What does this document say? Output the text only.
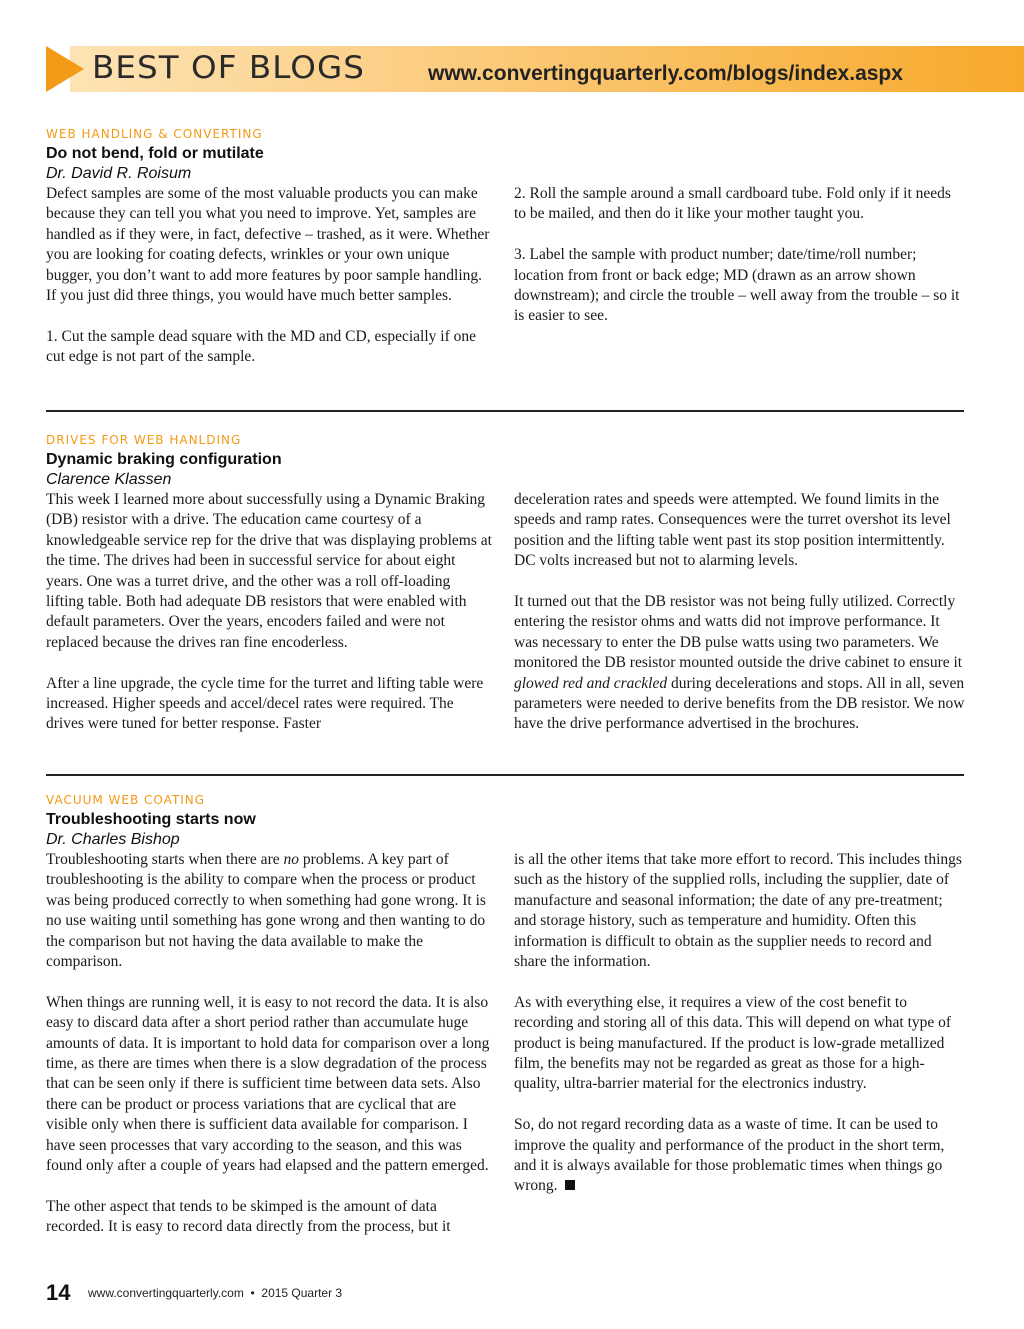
BEST OF BLOGS	www.convertingquarterly.com/blogs/index.aspx
WEB HANDLING & CONVERTING
Do not bend, fold or mutilate
Dr. David R. Roisum

Defect samples are some of the most valuable products you can make because they can tell you what you need to improve. Yet, samples are handled as if they were, in fact, defective – trashed, as it were. Whether you are looking for coating defects, wrinkles or your own unique bugger, you don’t want to add more features by poor sample handling. If you just did three things, you would have much better samples.

1. Cut the sample dead square with the MD and CD, especially if one cut edge is not part of the sample.

2. Roll the sample around a small cardboard tube. Fold only if it needs to be mailed, and then do it like your mother taught you.

3. Label the sample with product number; date/time/roll number; location from front or back edge; MD (drawn as an arrow shown downstream); and circle the trouble – well away from the trouble – so it is easier to see.

DRIVES FOR WEB HANLDING
Dynamic braking configuration
Clarence Klassen

This week I learned more about successfully using a Dynamic Braking (DB) resistor with a drive. The education came courtesy of a knowledgeable service rep for the drive that was displaying problems at the time. The drives had been in successful service for about eight years. One was a turret drive, and the other was a roll off-loading lifting table. Both had adequate DB resistors that were enabled with default parameters. Over the years, encoders failed and were not replaced because the drives ran fine encoderless.

After a line upgrade, the cycle time for the turret and lifting table were increased. Higher speeds and accel/decel rates were required. The drives were tuned for better response. Faster

deceleration rates and speeds were attempted. We found limits in the speeds and ramp rates. Consequences were the turret overshot its level position and the lifting table went past its stop position intermittently. DC volts increased but not to alarming levels.

It turned out that the DB resistor was not being fully utilized. Correctly entering the resistor ohms and watts did not improve performance. It was necessary to enter the DB pulse watts using two parameters. We monitored the DB resistor mounted outside the drive cabinet to ensure it glowed red and crackled during decelerations and stops. All in all, seven parameters were needed to derive benefits from the DB resistor. We now have the drive performance advertised in the brochures.

VACUUM WEB COATING
Troubleshooting starts now
Dr. Charles Bishop

Troubleshooting starts when there are no problems. A key part of troubleshooting is the ability to compare when the process or product was being produced correctly to when something had gone wrong. It is no use waiting until something has gone wrong and then wanting to do the comparison but not having the data available to make the comparison.

When things are running well, it is easy to not record the data. It is also easy to discard data after a short period rather than accumulate huge amounts of data. It is important to hold data for comparison over a long time, as there are times when there is a slow degradation of the process that can be seen only if there is sufficient time between data sets. Also there can be product or process variations that are cyclical that are visible only when there is sufficient data available for comparison. I have seen processes that vary according to the season, and this was found only after a couple of years had elapsed and the pattern emerged.

The other aspect that tends to be skimped is the amount of data recorded. It is easy to record data directly from the process, but it

is all the other items that take more effort to record. This includes things such as the history of the supplied rolls, including the supplier, date of manufacture and seasonal information; the date of any pre-treatment; and storage history, such as temperature and humidity. Often this information is difficult to obtain as the supplier needs to record and share the information.

As with everything else, it requires a view of the cost benefit to recording and storing all of this data. This will depend on what type of product is being manufactured. If the product is low-grade metallized film, the benefits may not be regarded as great as those for a high-quality, ultra-barrier material for the electronics industry.

So, do not regard recording data as a waste of time. It can be used to improve the quality and performance of the product in the short term, and it is always available for those problematic times when things go wrong.

14 www.convertingquarterly.com • 2015 Quarter 3
